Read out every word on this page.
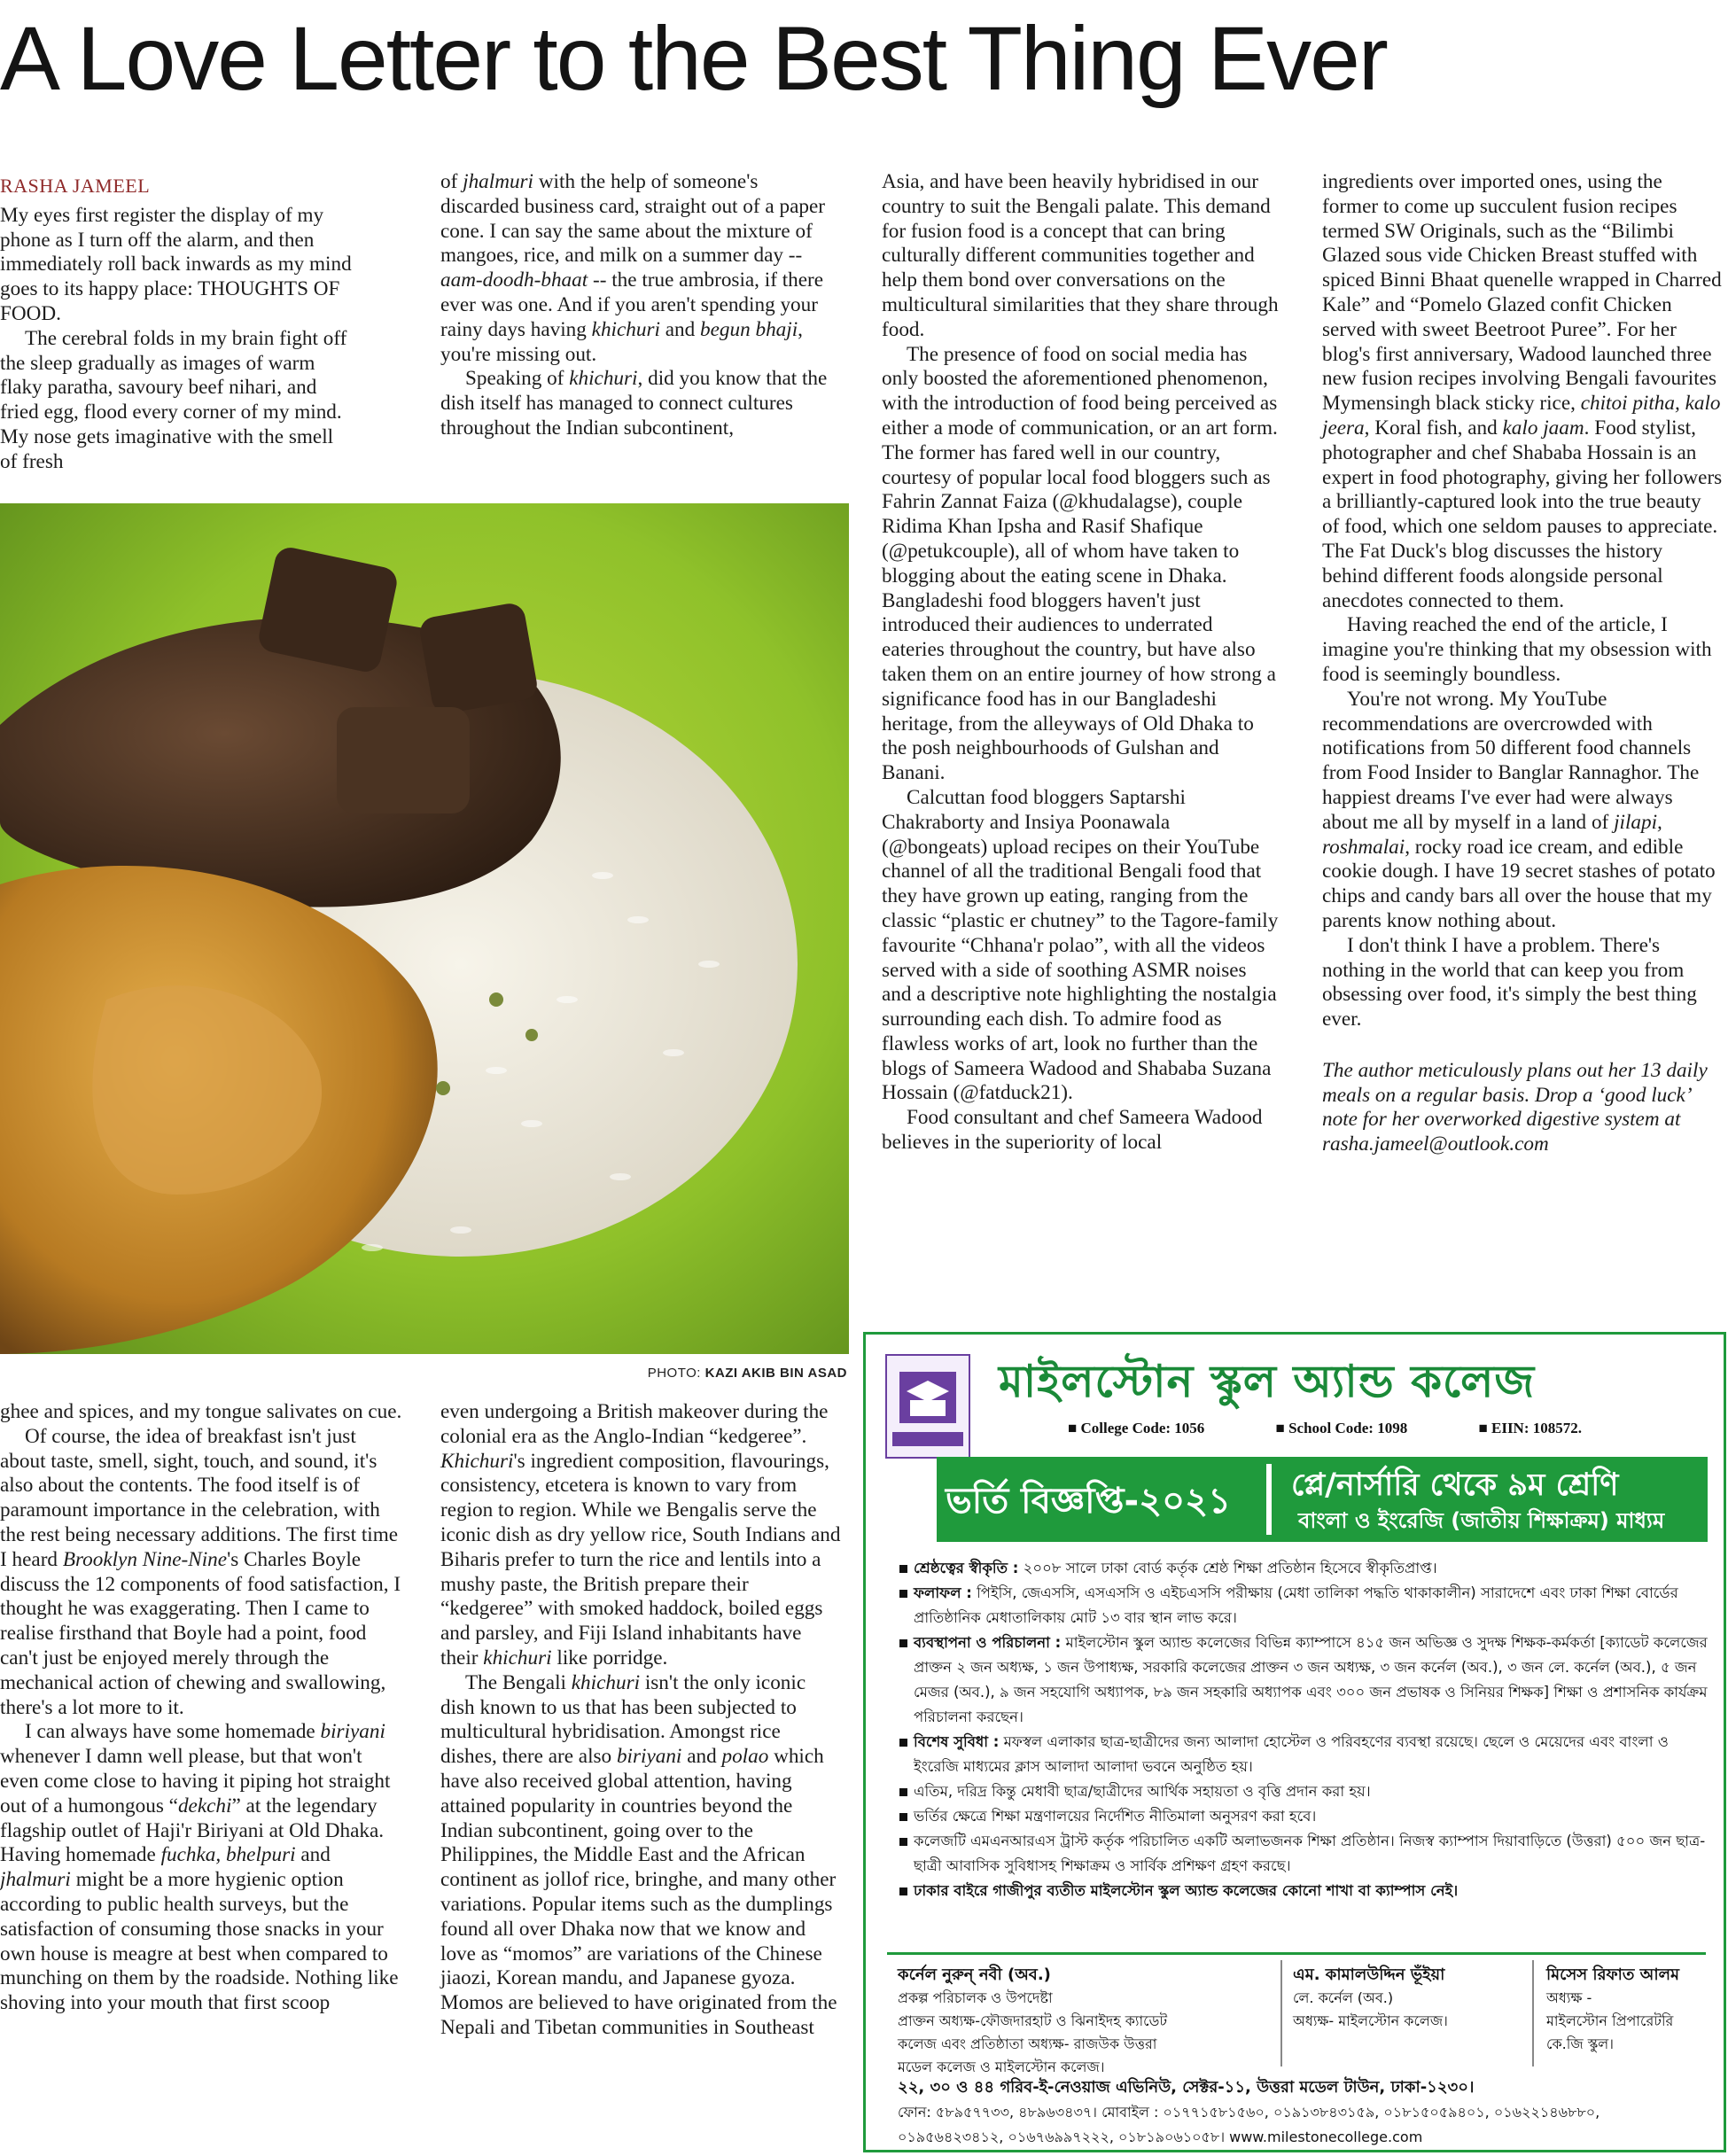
A Love Letter to the Best Thing Ever
RASHA JAMEEL

My eyes first register the display of my phone as I turn off the alarm, and then immediately roll back inwards as my mind goes to its happy place: THOUGHTS OF FOOD.

The cerebral folds in my brain fight off the sleep gradually as images of warm flaky paratha, savoury beef nihari, and fried egg, flood every corner of my mind. My nose gets imaginative with the smell of fresh

of jhalmuri with the help of someone's discarded business card, straight out of a paper cone. I can say the same about the mixture of mangoes, rice, and milk on a summer day -- aam-doodh-bhaat -- the true ambrosia, if there ever was one. And if you aren't spending your rainy days having khichuri and begun bhaji, you're missing out.

Speaking of khichuri, did you know that the dish itself has managed to connect cultures throughout the Indian subcontinent,

PHOTO: KAZI AKIB BIN ASAD

ghee and spices, and my tongue salivates on cue.

Of course, the idea of breakfast isn't just about taste, smell, sight, touch, and sound, it's also about the contents. The food itself is of paramount importance in the celebration, with the rest being necessary additions. The first time I heard Brooklyn Nine-Nine's Charles Boyle discuss the 12 components of food satisfaction, I thought he was exaggerating. Then I came to realise firsthand that Boyle had a point, food can't just be enjoyed merely through the mechanical action of chewing and swallowing, there's a lot more to it.

I can always have some homemade biriyani whenever I damn well please, but that won't even come close to having it piping hot straight out of a humongous “dekchi” at the legendary flagship outlet of Haji'r Biriyani at Old Dhaka. Having homemade fuchka, bhelpuri and jhalmuri might be a more hygienic option according to public health surveys, but the satisfaction of consuming those snacks in your own house is meagre at best when compared to munching on them by the roadside. Nothing like shoving into your mouth that first scoop

even undergoing a British makeover during the colonial era as the Anglo-Indian “kedgeree”. Khichuri's ingredient composition, flavourings, consistency, etcetera is known to vary from region to region. While we Bengalis serve the iconic dish as dry yellow rice, South Indians and Biharis prefer to turn the rice and lentils into a mushy paste, the British prepare their “kedgeree” with smoked haddock, boiled eggs and parsley, and Fiji Island inhabitants have their khichuri like porridge.

The Bengali khichuri isn't the only iconic dish known to us that has been subjected to multicultural hybridisation. Amongst rice dishes, there are also biriyani and polao which have also received global attention, having attained popularity in countries beyond the Indian subcontinent, going over to the Philippines, the Middle East and the African continent as jollof rice, bringhe, and many other variations. Popular items such as the dumplings found all over Dhaka now that we know and love as “momos” are variations of the Chinese jiaozi, Korean mandu, and Japanese gyoza. Momos are believed to have originated from the Nepali and Tibetan communities in Southeast

Asia, and have been heavily hybridised in our country to suit the Bengali palate. This demand for fusion food is a concept that can bring culturally different communities together and help them bond over conversations on the multicultural similarities that they share through food.

The presence of food on social media has only boosted the aforementioned phenomenon, with the introduction of food being perceived as either a mode of communication, or an art form. The former has fared well in our country, courtesy of popular local food bloggers such as Fahrin Zannat Faiza (@khudalagse), couple Ridima Khan Ipsha and Rasif Shafique (@petukcouple), all of whom have taken to blogging about the eating scene in Dhaka. Bangladeshi food bloggers haven't just introduced their audiences to underrated eateries throughout the country, but have also taken them on an entire journey of how strong a significance food has in our Bangladeshi heritage, from the alleyways of Old Dhaka to the posh neighbourhoods of Gulshan and Banani.

Calcuttan food bloggers Saptarshi Chakraborty and Insiya Poonawala (@bongeats) upload recipes on their YouTube channel of all the traditional Bengali food that they have grown up eating, ranging from the classic “plastic er chutney” to the Tagore-family favourite “Chhana'r polao”, with all the videos served with a side of soothing ASMR noises and a descriptive note highlighting the nostalgia surrounding each dish. To admire food as flawless works of art, look no further than the blogs of Sameera Wadood and Shababa Suzana Hossain (@fatduck21).

Food consultant and chef Sameera Wadood believes in the superiority of local

ingredients over imported ones, using the former to come up succulent fusion recipes termed SW Originals, such as the “Bilimbi Glazed sous vide Chicken Breast stuffed with spiced Binni Bhaat quenelle wrapped in Charred Kale” and “Pomelo Glazed confit Chicken served with sweet Beetroot Puree”. For her blog's first anniversary, Wadood launched three new fusion recipes involving Bengali favourites Mymensingh black sticky rice, chitoi pitha, kalo jeera, Koral fish, and kalo jaam. Food stylist, photographer and chef Shababa Hossain is an expert in food photography, giving her followers a brilliantly-captured look into the true beauty of food, which one seldom pauses to appreciate. The Fat Duck's blog discusses the history behind different foods alongside personal anecdotes connected to them.

Having reached the end of the article, I imagine you're thinking that my obsession with food is seemingly boundless.

You're not wrong. My YouTube recommendations are overcrowded with notifications from 50 different food channels from Food Insider to Banglar Rannaghor. The happiest dreams I've ever had were always about me all by myself in a land of jilapi, roshmalai, rocky road ice cream, and edible cookie dough. I have 19 secret stashes of potato chips and candy bars all over the house that my parents know nothing about.

I don't think I have a problem. There's nothing in the world that can keep you from obsessing over food, it's simply the best thing ever.

The author meticulously plans out her 13 daily meals on a regular basis. Drop a ‘good luck’ note for her overworked digestive system at rasha.jameel@outlook.com

মাইলস্টোন স্কুল অ্যান্ড কলেজ
■ College Code: 1056	■ School Code: 1098	■ EIIN: 108572.
ভর্তি বিজ্ঞপ্তি-২০২১ প্লে/নার্সারি থেকে ৯ম শ্রেণি
বাংলা ও ইংরেজি (জাতীয় শিক্ষাক্রম) মাধ্যম
শ্রেষ্ঠত্বের স্বীকৃতি : ২০০৮ সালে ঢাকা বোর্ড কর্তৃক শ্রেষ্ঠ শিক্ষা প্রতিষ্ঠান হিসেবে স্বীকৃতিপ্রাপ্ত।
ফলাফল : পিইসি, জেএসসি, এসএসসি ও এইচএসসি পরীক্ষায় (মেধা তালিকা পদ্ধতি থাকাকালীন) সারাদেশে এবং ঢাকা শিক্ষা বোর্ডের প্রাতিষ্ঠানিক মেধাতালিকায় মোট ১৩ বার স্থান লাভ করে।
ব্যবস্থাপনা ও পরিচালনা : মাইলস্টোন স্কুল অ্যান্ড কলেজের বিভিন্ন ক্যাম্পাসে ৪১৫ জন অভিজ্ঞ ও সুদক্ষ শিক্ষক-কর্মকর্তা [ক্যাডেট কলেজের প্রাক্তন ২ জন অধ্যক্ষ, ১ জন উপাধ্যক্ষ, সরকারি কলেজের প্রাক্তন ৩ জন অধ্যক্ষ, ৩ জন কর্নেল (অব.), ৩ জন লে. কর্নেল (অব.), ৫ জন মেজর (অব.), ৯ জন সহযোগি অধ্যাপক, ৮৯ জন সহকারি অধ্যাপক এবং ৩০০ জন প্রভাষক ও সিনিয়র শিক্ষক] শিক্ষা ও প্রশাসনিক কার্যক্রম পরিচালনা করছেন।
বিশেষ সুবিধা : মফস্বল এলাকার ছাত্র-ছাত্রীদের জন্য আলাদা হোস্টেল ও পরিবহণের ব্যবস্থা রয়েছে। ছেলে ও মেয়েদের এবং বাংলা ও ইংরেজি মাধ্যমের ক্লাস আলাদা আলাদা ভবনে অনুষ্ঠিত হয়।
এতিম, দরিদ্র কিন্তু মেধাবী ছাত্র/ছাত্রীদের আর্থিক সহায়তা ও বৃত্তি প্রদান করা হয়।
ভর্তির ক্ষেত্রে শিক্ষা মন্ত্রণালয়ের নির্দেশিত নীতিমালা অনুসরণ করা হবে।
কলেজটি এমএনআরএস ট্রাস্ট কর্তৃক পরিচালিত একটি অলাভজনক শিক্ষা প্রতিষ্ঠান। নিজস্ব ক্যাম্পাস দিয়াবাড়িতে (উত্তরা) ৫০০ জন ছাত্র-ছাত্রী আবাসিক সুবিধাসহ শিক্ষাক্রম ও সার্বিক প্রশিক্ষণ গ্রহণ করছে।
ঢাকার বাইরে গাজীপুর ব্যতীত মাইলস্টোন স্কুল অ্যান্ড কলেজের কোনো শাখা বা ক্যাম্পাস নেই।
কর্নেল নুরুন্ নবী (অব.)
প্রকল্প পরিচালক ও উপদেষ্টা
প্রাক্তন অধ্যক্ষ-ফৌজদারহাট ও ঝিনাইদহ ক্যাডেট
কলেজ এবং প্রতিষ্ঠাতা অধ্যক্ষ- রাজউক উত্তরা
মডেল কলেজ ও মাইলস্টোন কলেজ।
এম. কামালউদ্দিন ভূঁইয়া
লে. কর্নেল (অব.)
অধ্যক্ষ- মাইলস্টোন কলেজ।
মিসেস রিফাত আলম
অধ্যক্ষ -
মাইলস্টোন প্রিপারেটরি
কে.জি স্কুল।
২২, ৩০ ও ৪৪ গরিব-ই-নেওয়াজ এভিনিউ, সেক্টর-১১, উত্তরা মডেল টাউন, ঢাকা-১২৩০।
ফোন: ৫৮৯৫৭৭৩৩, ৪৮৯৬৩৪৩৭। মোবাইল : ০১৭৭১৫৮১৫৬০, ০১৯১৩৮৪৩১৫৯, ০১৮১৫০৫৯৪০১, ০১৬২২১৪৬৮৮০, ০১৯৫৬৪২৩৪১২, ০১৬৭৬৯৯৭২২২, ০১৮১৯০৬১০৫৮। www.milestonecollege.com
